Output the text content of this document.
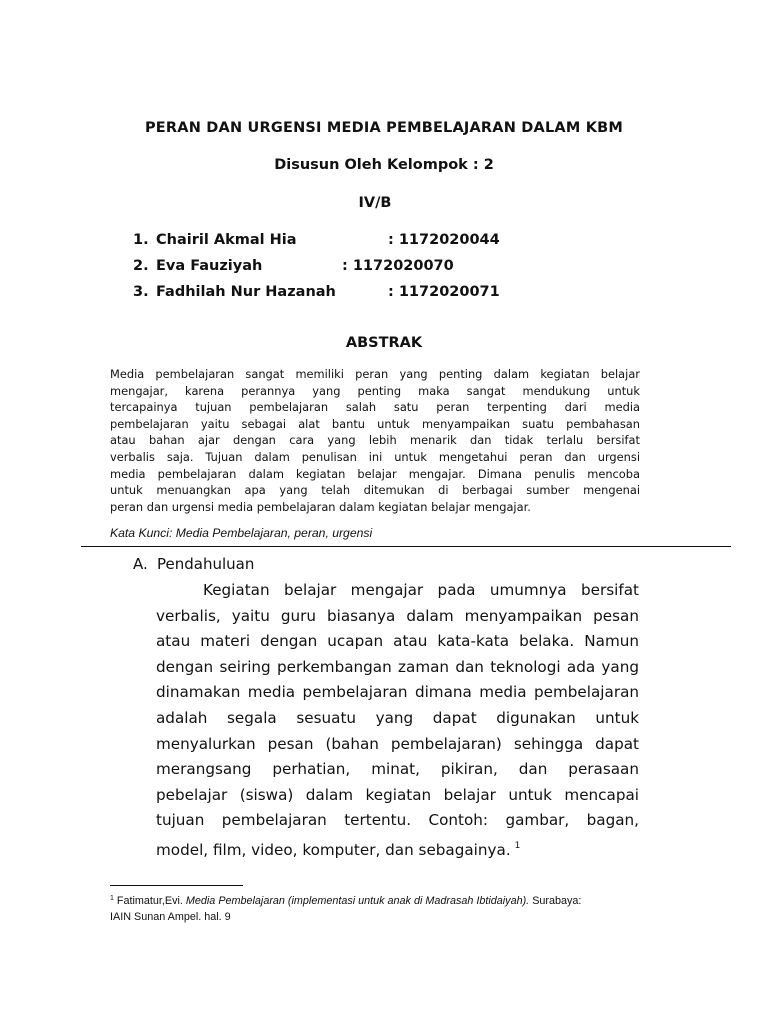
PERAN DAN URGENSI MEDIA PEMBELAJARAN DALAM KBM
Disusun Oleh Kelompok : 2
IV/B
1. Chairil Akmal Hia	: 1172020044
2. Eva Fauziyah	: 1172020070
3. Fadhilah Nur Hazanah	: 1172020071
ABSTRAK
Media pembelajaran sangat memiliki peran yang penting dalam kegiatan belajar
mengajar, karena perannya yang penting maka sangat mendukung untuk
tercapainya tujuan pembelajaran salah satu peran terpenting dari media
pembelajaran yaitu sebagai alat bantu untuk menyampaikan suatu pembahasan
atau bahan ajar dengan cara yang lebih menarik dan tidak terlalu bersifat
verbalis saja. Tujuan dalam penulisan ini untuk mengetahui peran dan urgensi
media pembelajaran dalam kegiatan belajar mengajar. Dimana penulis mencoba
untuk menuangkan apa yang telah ditemukan di berbagai sumber mengenai
peran dan urgensi media pembelajaran dalam kegiatan belajar mengajar.
Kata Kunci: Media Pembelajaran, peran, urgensi
A. Pendahuluan
Kegiatan belajar mengajar pada umumnya bersifat
verbalis, yaitu guru biasanya dalam menyampaikan pesan
atau materi dengan ucapan atau kata-kata belaka. Namun
dengan seiring perkembangan zaman dan teknologi ada yang
dinamakan media pembelajaran dimana media pembelajaran
adalah segala sesuatu yang dapat digunakan untuk
menyalurkan pesan (bahan pembelajaran) sehingga dapat
merangsang perhatian, minat, pikiran, dan perasaan
pebelajar (siswa) dalam kegiatan belajar untuk mencapai
tujuan pembelajaran tertentu. Contoh: gambar, bagan,
model, film, video, komputer, dan sebagainya. $^1$
$^1$ Fatimatur,Evi. Media Pembelajaran (implementasi untuk anak di Madrasah Ibtidaiyah). Surabaya:
IAIN Sunan Ampel. hal. 9
